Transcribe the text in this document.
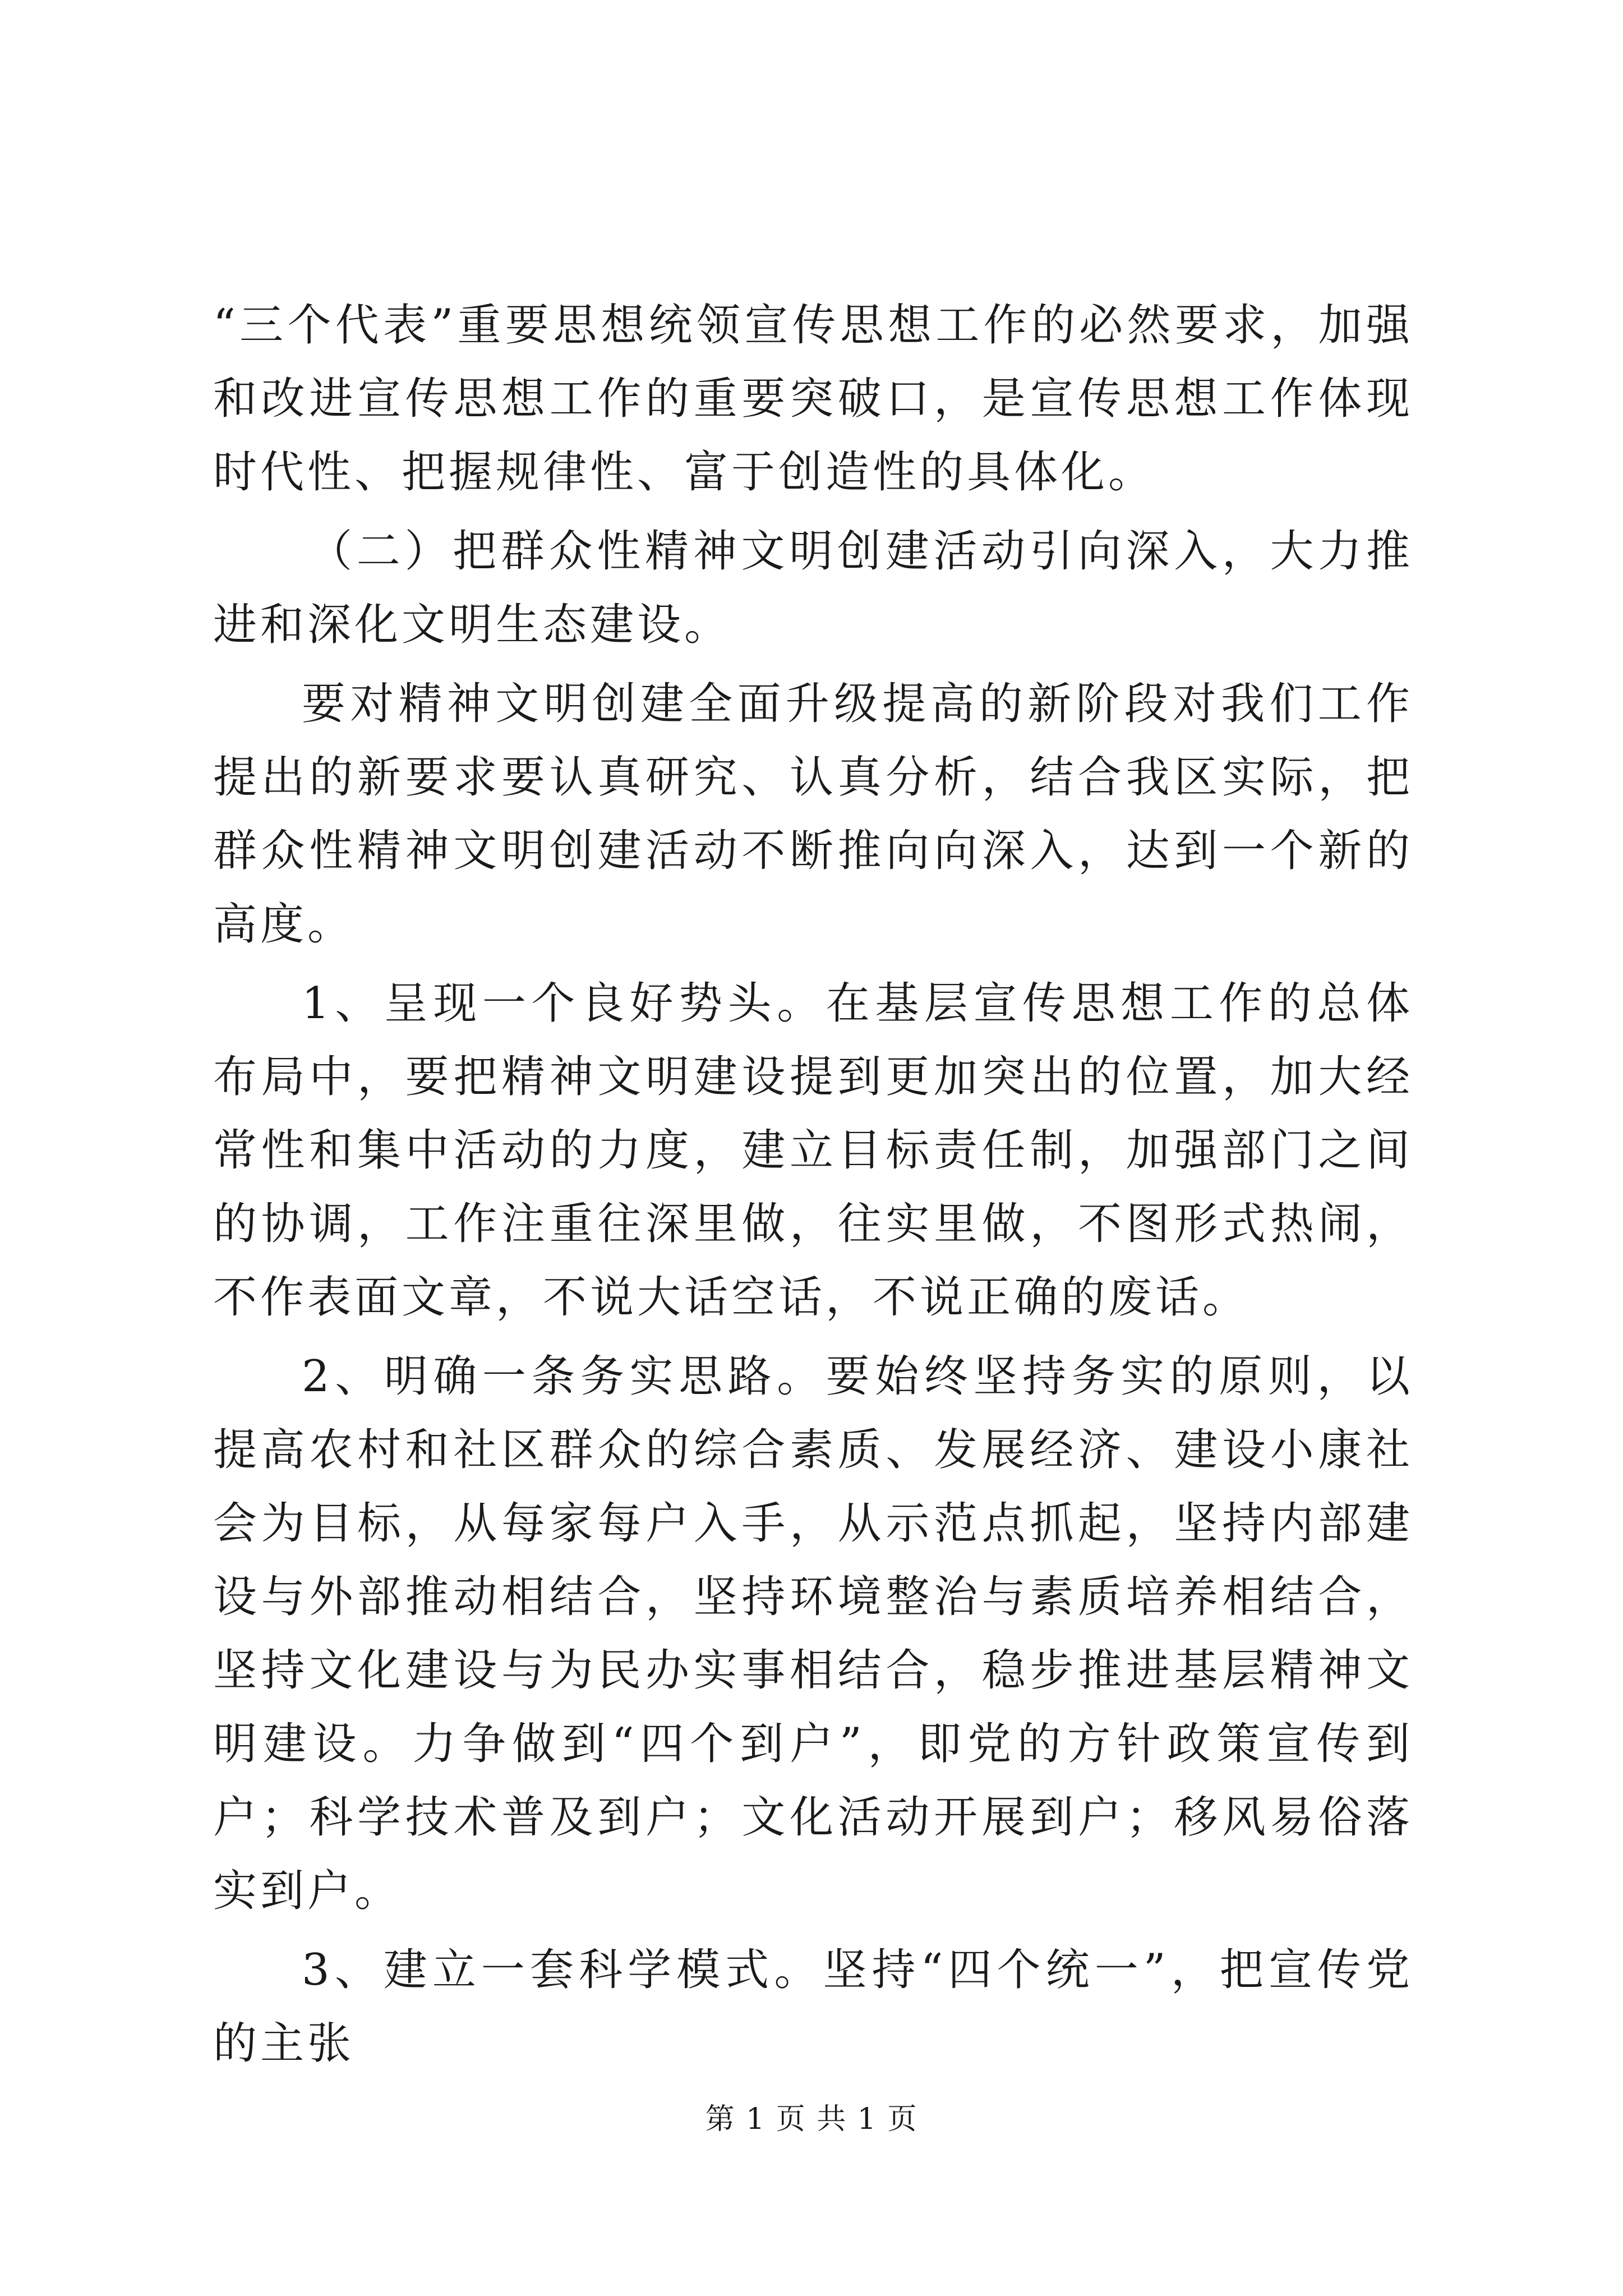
“三个代表”重要思想统领宣传思想工作的必然要求，加强和改进宣传思想工作的重要突破口，是宣传思想工作体现时代性、把握规律性、富于创造性的具体化。

（二）把群众性精神文明创建活动引向深入，大力推进和深化文明生态建设。

要对精神文明创建全面升级提高的新阶段对我们工作提出的新要求要认真研究、认真分析，结合我区实际，把群众性精神文明创建活动不断推向向深入，达到一个新的高度。

1、呈现一个良好势头。在基层宣传思想工作的总体布局中，要把精神文明建设提到更加突出的位置，加大经常性和集中活动的力度，建立目标责任制，加强部门之间的协调，工作注重往深里做，往实里做，不图形式热闹，不作表面文章，不说大话空话，不说正确的废话。

2、明确一条务实思路。要始终坚持务实的原则，以提高农村和社区群众的综合素质、发展经济、建设小康社会为目标，从每家每户入手，从示范点抓起，坚持内部建设与外部推动相结合，坚持环境整治与素质培养相结合，坚持文化建设与为民办实事相结合，稳步推进基层精神文明建设。力争做到“四个到户”，即党的方针政策宣传到户；科学技术普及到户；文化活动开展到户；移风易俗落实到户。

3、建立一套科学模式。坚持“四个统一”，把宣传党的主张

第 1 页 共 1 页
